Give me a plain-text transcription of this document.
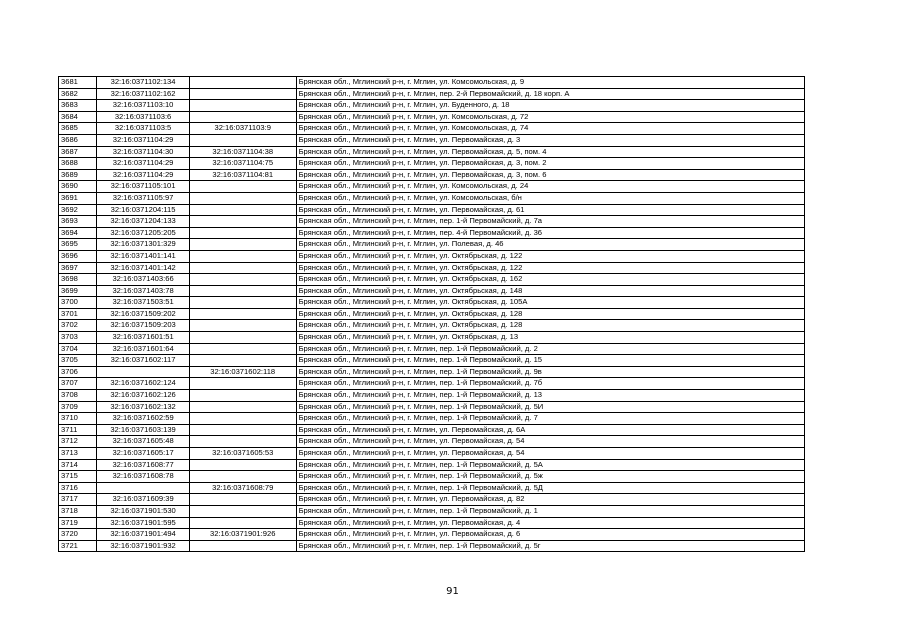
3681	32:16:0371102:134		Брянская обл., Мглинский р-н, г. Мглин, ул. Комсомольская, д. 9
3682	32:16:0371102:162		Брянская обл., Мглинский р-н, г. Мглин, пер. 2-й Первомайский, д. 18 корп. А
3683	32:16:0371103:10		Брянская обл., Мглинский р-н, г. Мглин, ул. Буденного, д. 18
3684	32:16:0371103:6		Брянская обл., Мглинский р-н, г. Мглин, ул. Комсомольская, д. 72
3685	32:16:0371103:5	32:16:0371103:9	Брянская обл., Мглинский р-н, г. Мглин, ул. Комсомольская, д. 74
3686	32:16:0371104:29		Брянская обл., Мглинский р-н, г. Мглин, ул. Первомайская, д. 3
3687	32:16:0371104:30	32:16:0371104:38	Брянская обл., Мглинский р-н, г. Мглин, ул. Первомайская, д. 5, пом. 4
3688	32:16:0371104:29	32:16:0371104:75	Брянская обл., Мглинский р-н, г. Мглин, ул. Первомайская, д. 3, пом. 2
3689	32:16:0371104:29	32:16:0371104:81	Брянская обл., Мглинский р-н, г. Мглин, ул. Первомайская, д. 3, пом. 6
3690	32:16:0371105:101		Брянская обл., Мглинский р-н, г. Мглин, ул. Комсомольская, д. 24
3691	32:16:0371105:97		Брянская обл., Мглинский р-н, г. Мглин, ул. Комсомольская, б/н
3692	32:16:0371204:115		Брянская обл., Мглинский р-н, г. Мглин, ул. Первомайская, д. 61
3693	32:16:0371204:133		Брянская обл., Мглинский р-н, г. Мглин, пер. 1-й Первомайский, д. 7а
3694	32:16:0371205:205		Брянская обл., Мглинский р-н, г. Мглин, пер. 4-й Первомайский, д. 36
3695	32:16:0371301:329		Брянская обл., Мглинский р-н, г. Мглин, ул. Полевая, д. 46
3696	32:16:0371401:141		Брянская обл., Мглинский р-н, г. Мглин, ул. Октябрьская, д. 122
3697	32:16:0371401:142		Брянская обл., Мглинский р-н, г. Мглин, ул. Октябрьская, д. 122
3698	32:16:0371403:66		Брянская обл., Мглинский р-н, г. Мглин, ул. Октябрьская, д. 162
3699	32:16:0371403:78		Брянская обл., Мглинский р-н, г. Мглин, ул. Октябрьская, д. 148
3700	32:16:0371503:51		Брянская обл., Мглинский р-н, г. Мглин, ул. Октябрьская, д. 105А
3701	32:16:0371509:202		Брянская обл., Мглинский р-н, г. Мглин, ул. Октябрьская, д. 128
3702	32:16:0371509:203		Брянская обл., Мглинский р-н, г. Мглин, ул. Октябрьская, д. 128
3703	32:16:0371601:51		Брянская обл., Мглинский р-н, г. Мглин, ул. Октябрьская, д. 13
3704	32:16:0371601:64		Брянская обл., Мглинский р-н, г. Мглин, пер. 1-й Первомайский, д. 2
3705	32:16:0371602:117		Брянская обл., Мглинский р-н, г. Мглин, пер. 1-й Первомайский, д. 15
3706		32:16:0371602:118	Брянская обл., Мглинский р-н, г. Мглин, пер. 1-й Первомайский, д. 9в
3707	32:16:0371602:124		Брянская обл., Мглинский р-н, г. Мглин, пер. 1-й Первомайский, д. 7б
3708	32:16:0371602:126		Брянская обл., Мглинский р-н, г. Мглин, пер. 1-й Первомайский, д. 13
3709	32:16:0371602:132		Брянская обл., Мглинский р-н, г. Мглин, пер. 1-й Первомайский, д. 5И
3710	32:16:0371602:59		Брянская обл., Мглинский р-н, г. Мглин, пер. 1-й Первомайский, д. 7
3711	32:16:0371603:139		Брянская обл., Мглинский р-н, г. Мглин, ул. Первомайская, д. 6А
3712	32:16:0371605:48		Брянская обл., Мглинский р-н, г. Мглин, ул. Первомайская, д. 54
3713	32:16:0371605:17	32:16:0371605:53	Брянская обл., Мглинский р-н, г. Мглин, ул. Первомайская, д. 54
3714	32:16:0371608:77		Брянская обл., Мглинский р-н, г. Мглин, пер. 1-й Первомайский, д. 5А
3715	32:16:0371608:78		Брянская обл., Мглинский р-н, г. Мглин, пер. 1-й Первомайский, д. 5ж
3716		32:16:0371608:79	Брянская обл., Мглинский р-н, г. Мглин, пер. 1-й Первомайский, д. 5Д
3717	32:16:0371609:39		Брянская обл., Мглинский р-н, г. Мглин, ул. Первомайская, д. 82
3718	32:16:0371901:530		Брянская обл., Мглинский р-н, г. Мглин, пер. 1-й Первомайский, д. 1
3719	32:16:0371901:595		Брянская обл., Мглинский р-н, г. Мглин, ул. Первомайская, д. 4
3720	32:16:0371901:494	32:16:0371901:926	Брянская обл., Мглинский р-н, г. Мглин, ул. Первомайская, д. 6
3721	32:16:0371901:932		Брянская обл., Мглинский р-н, г. Мглин, пер. 1-й Первомайский, д. 5г
91
